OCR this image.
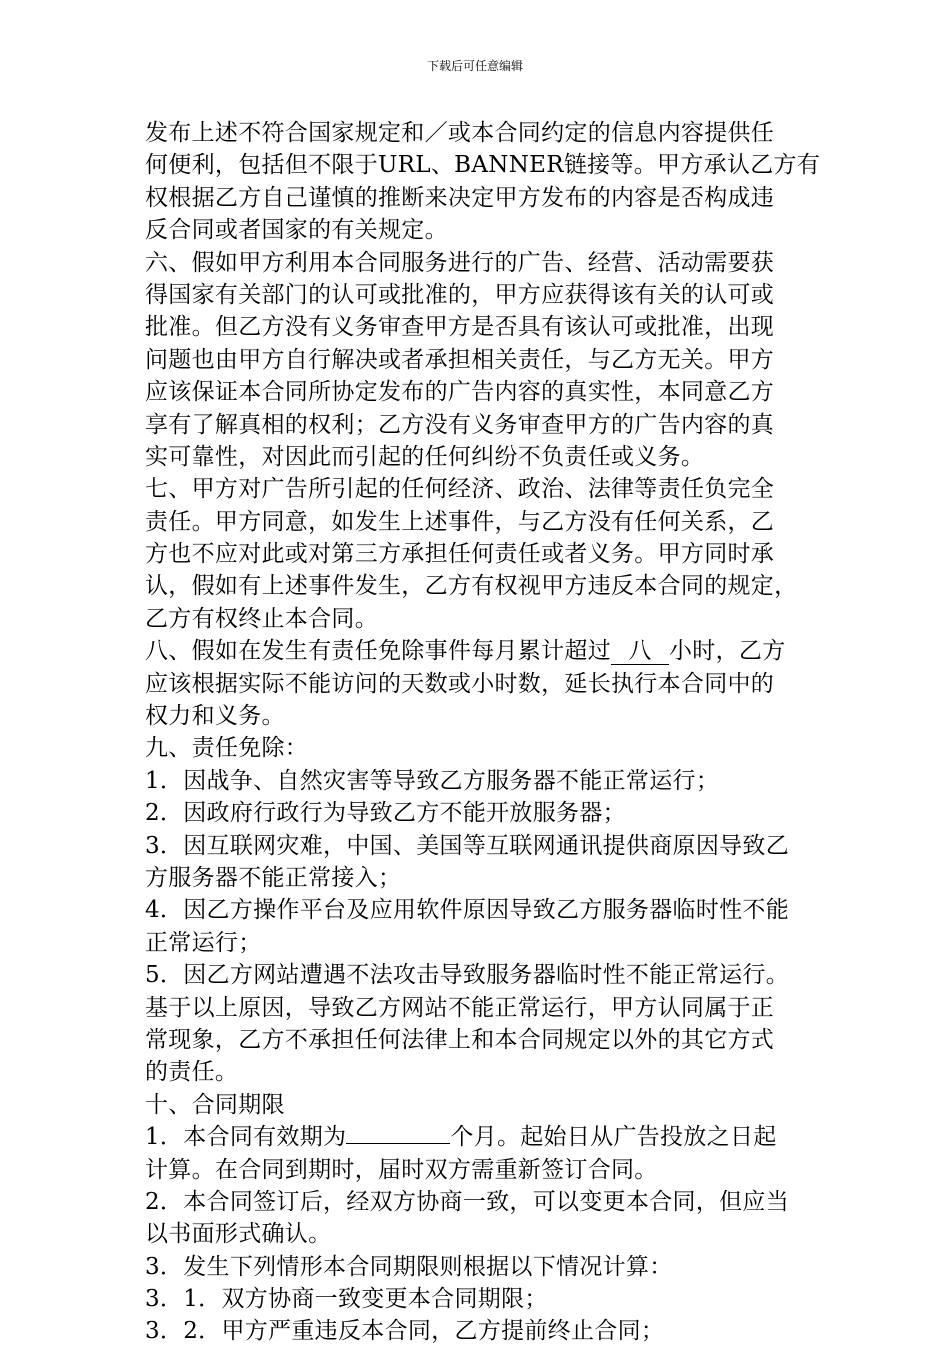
下载后可任意编辑
发布上述不符合国家规定和／或本合同约定的信息内容提供任
何便利，包括但不限于URL、BANNER链接等。甲方承认乙方有
权根据乙方自己谨慎的推断来决定甲方发布的内容是否构成违
反合同或者国家的有关规定。
六、假如甲方利用本合同服务进行的广告、经营、活动需要获
得国家有关部门的认可或批准的，甲方应获得该有关的认可或
批准。但乙方没有义务审查甲方是否具有该认可或批准，出现
问题也由甲方自行解决或者承担相关责任，与乙方无关。甲方
应该保证本合同所协定发布的广告内容的真实性，本同意乙方
享有了解真相的权利；乙方没有义务审查甲方的广告内容的真
实可靠性，对因此而引起的任何纠纷不负责任或义务。
七、甲方对广告所引起的任何经济、政治、法律等责任负完全
责任。甲方同意，如发生上述事件，与乙方没有任何关系，乙
方也不应对此或对第三方承担任何责任或者义务。甲方同时承
认，假如有上述事件发生，乙方有权视甲方违反本合同的规定，
乙方有权终止本合同。
八、假如在发生有责任免除事件每月累计超过 八 小时，乙方
应该根据实际不能访问的天数或小时数，延长执行本合同中的
权力和义务。
九、责任免除：
1．因战争、自然灾害等导致乙方服务器不能正常运行；
2．因政府行政行为导致乙方不能开放服务器；
3．因互联网灾难，中国、美国等互联网通讯提供商原因导致乙
方服务器不能正常接入；
4．因乙方操作平台及应用软件原因导致乙方服务器临时性不能
正常运行；
5．因乙方网站遭遇不法攻击导致服务器临时性不能正常运行。
基于以上原因，导致乙方网站不能正常运行，甲方认同属于正
常现象，乙方不承担任何法律上和本合同规定以外的其它方式
的责任。
十、合同期限
1．本合同有效期为	个月。起始日从广告投放之日起
计算。在合同到期时，届时双方需重新签订合同。
2．本合同签订后，经双方协商一致，可以变更本合同，但应当
以书面形式确认。
3．发生下列情形本合同期限则根据以下情况计算：
3．1．双方协商一致变更本合同期限；
3．2．甲方严重违反本合同，乙方提前终止合同；
